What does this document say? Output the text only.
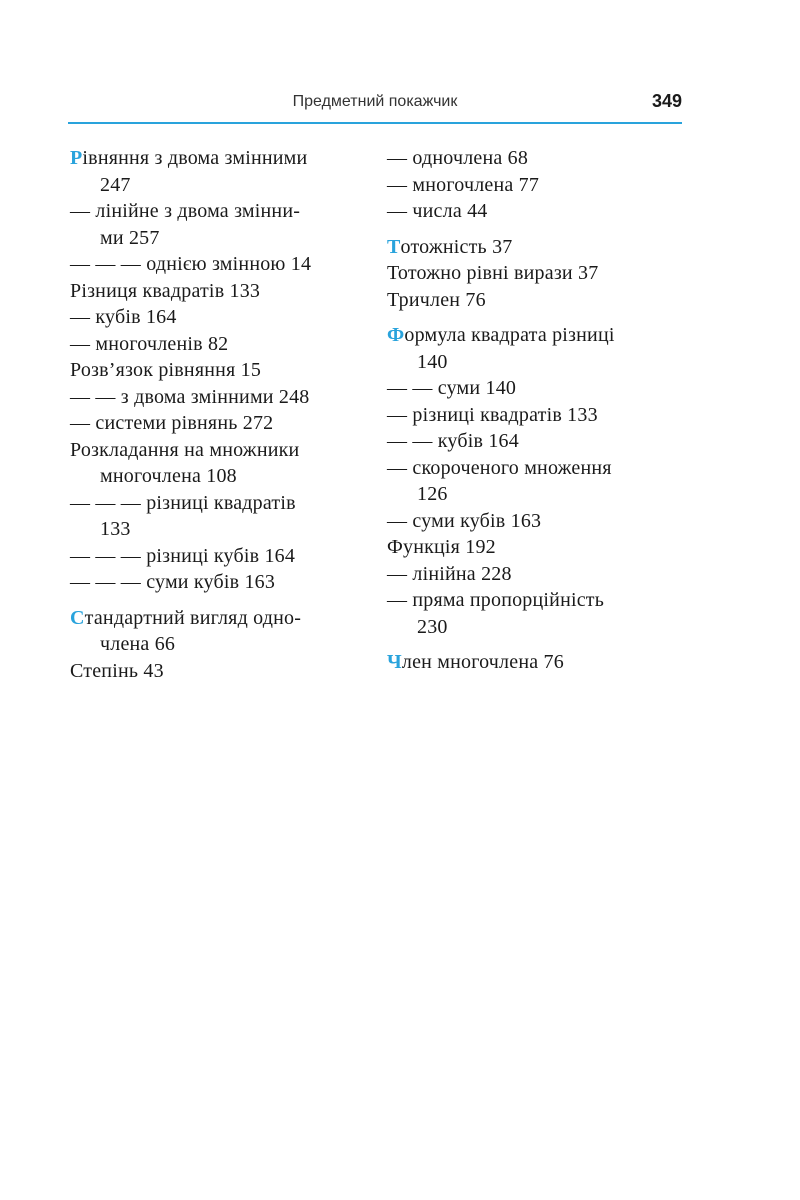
Предметний покажчик	349
Рівняння з двома змінними
247
— лінійне з двома змінни-
ми 257
— — — однією змінною 14
Різниця квадратів 133
— кубів 164
— многочленів 82
Розв’язок рівняння 15
— — з двома змінними 248
— системи рівнянь 272
Розкладання на множники
многочлена 108
— — — різниці квадратів
133
— — — різниці кубів 164
— — — суми кубів 163
Стандартний вигляд одно-
члена 66
Степінь 43
— одночлена 68
— многочлена 77
— числа 44
Тотожність 37
Тотожно рівні вирази 37
Тричлен 76
Формула квадрата різниці
140
— — суми 140
— різниці квадратів 133
— — кубів 164
— скороченого множення
126
— суми кубів 163
Функція 192
— лінійна 228
— пряма пропорційність
230
Член многочлена 76
